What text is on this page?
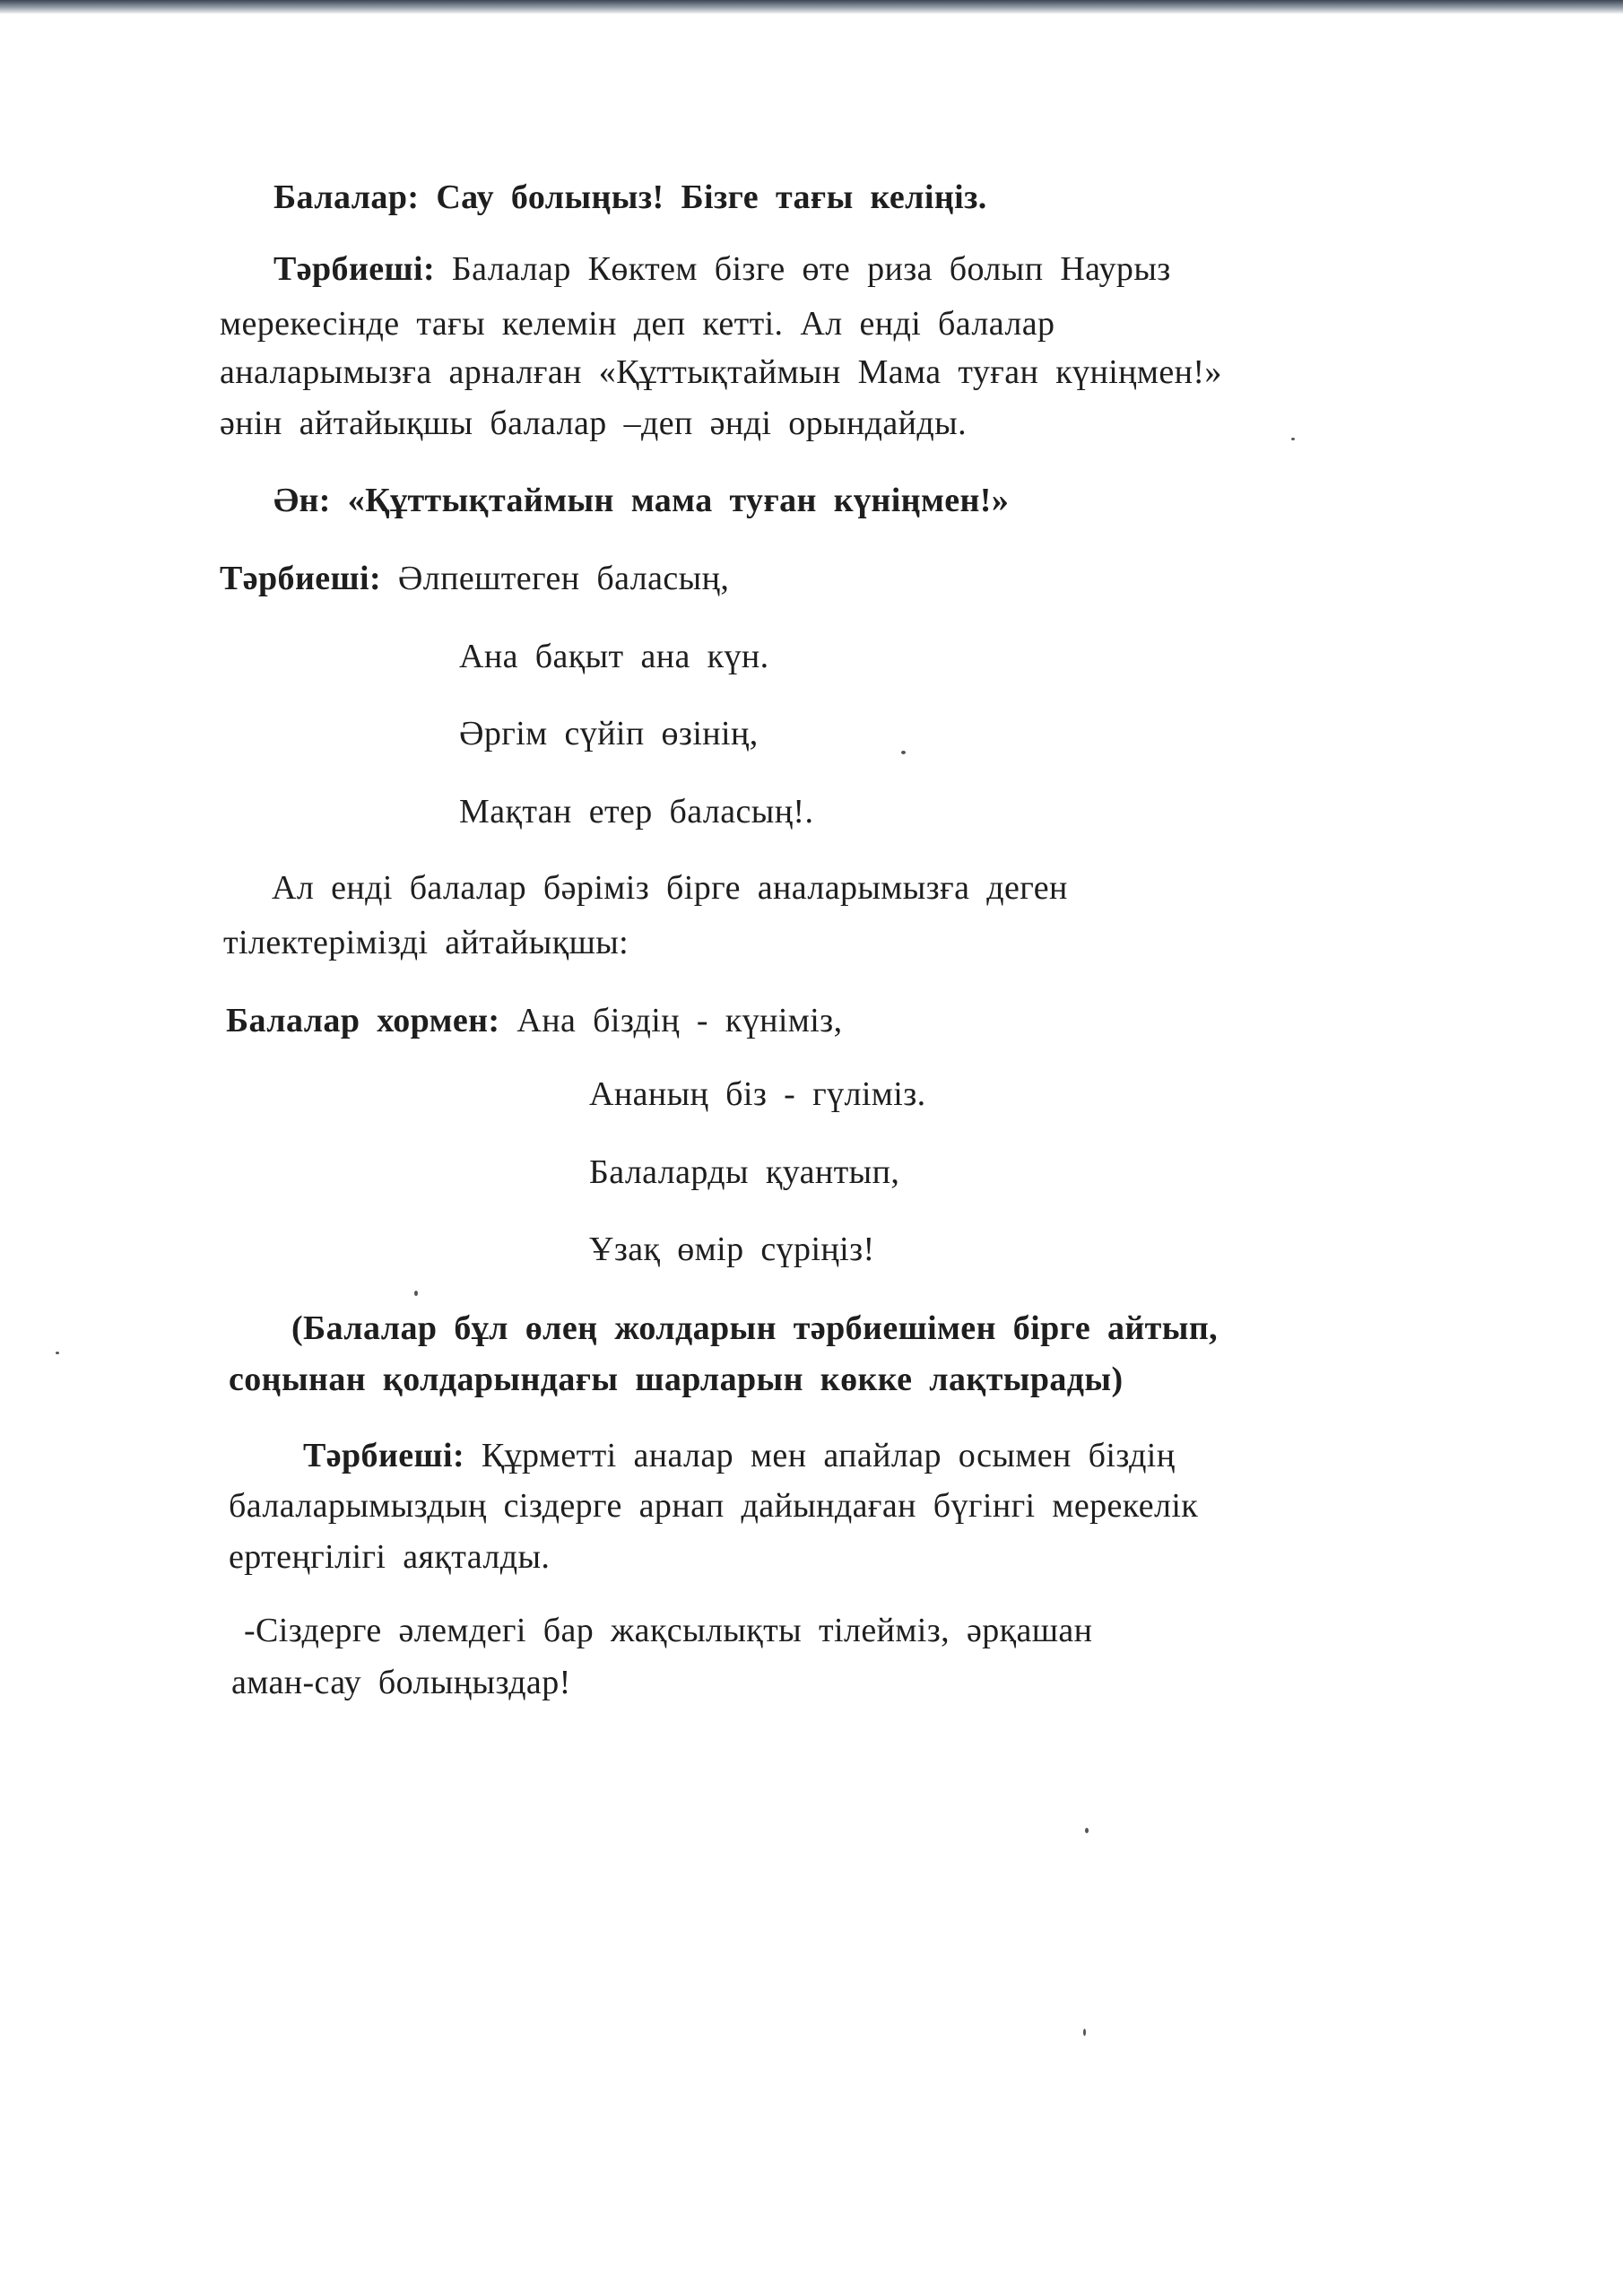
Балалар: Сау болыңыз! Бізге тағы келіңіз.

Тәрбиеші: Балалар Көктем бізге өте риза болып Наурыз

мерекесінде тағы келемін деп кетті. Ал енді балалар

аналарымызға арналған «Құттықтаймын Мама туған күніңмен!»

әнін айтайықшы балалар –деп әнді орындайды.

Ән: «Құттықтаймын мама туған күніңмен!»

Тәрбиеші: Әлпештеген баласың,

Ана бақыт ана күн.

Әргім сүйіп өзінің,

Мақтан етер баласың!.

Ал енді балалар бәріміз бірге аналарымызға деген

тілектерімізді айтайықшы:

Балалар хормен: Ана біздің - күніміз,

Ананың біз - гүліміз.

Балаларды қуантып,

Ұзақ өмір сүріңіз!

(Балалар бұл өлең жолдарын тәрбиешімен бірге айтып,

соңынан қолдарындағы шарларын көкке лақтырады)

Тәрбиеші: Құрметті аналар мен апайлар осымен біздің

балаларымыздың сіздерге арнап дайындаған бүгінгі мерекелік

ертеңгілігі аяқталды.

-Сіздерге әлемдегі бар жақсылықты тілейміз, әрқашан

аман-сау болыңыздар!
